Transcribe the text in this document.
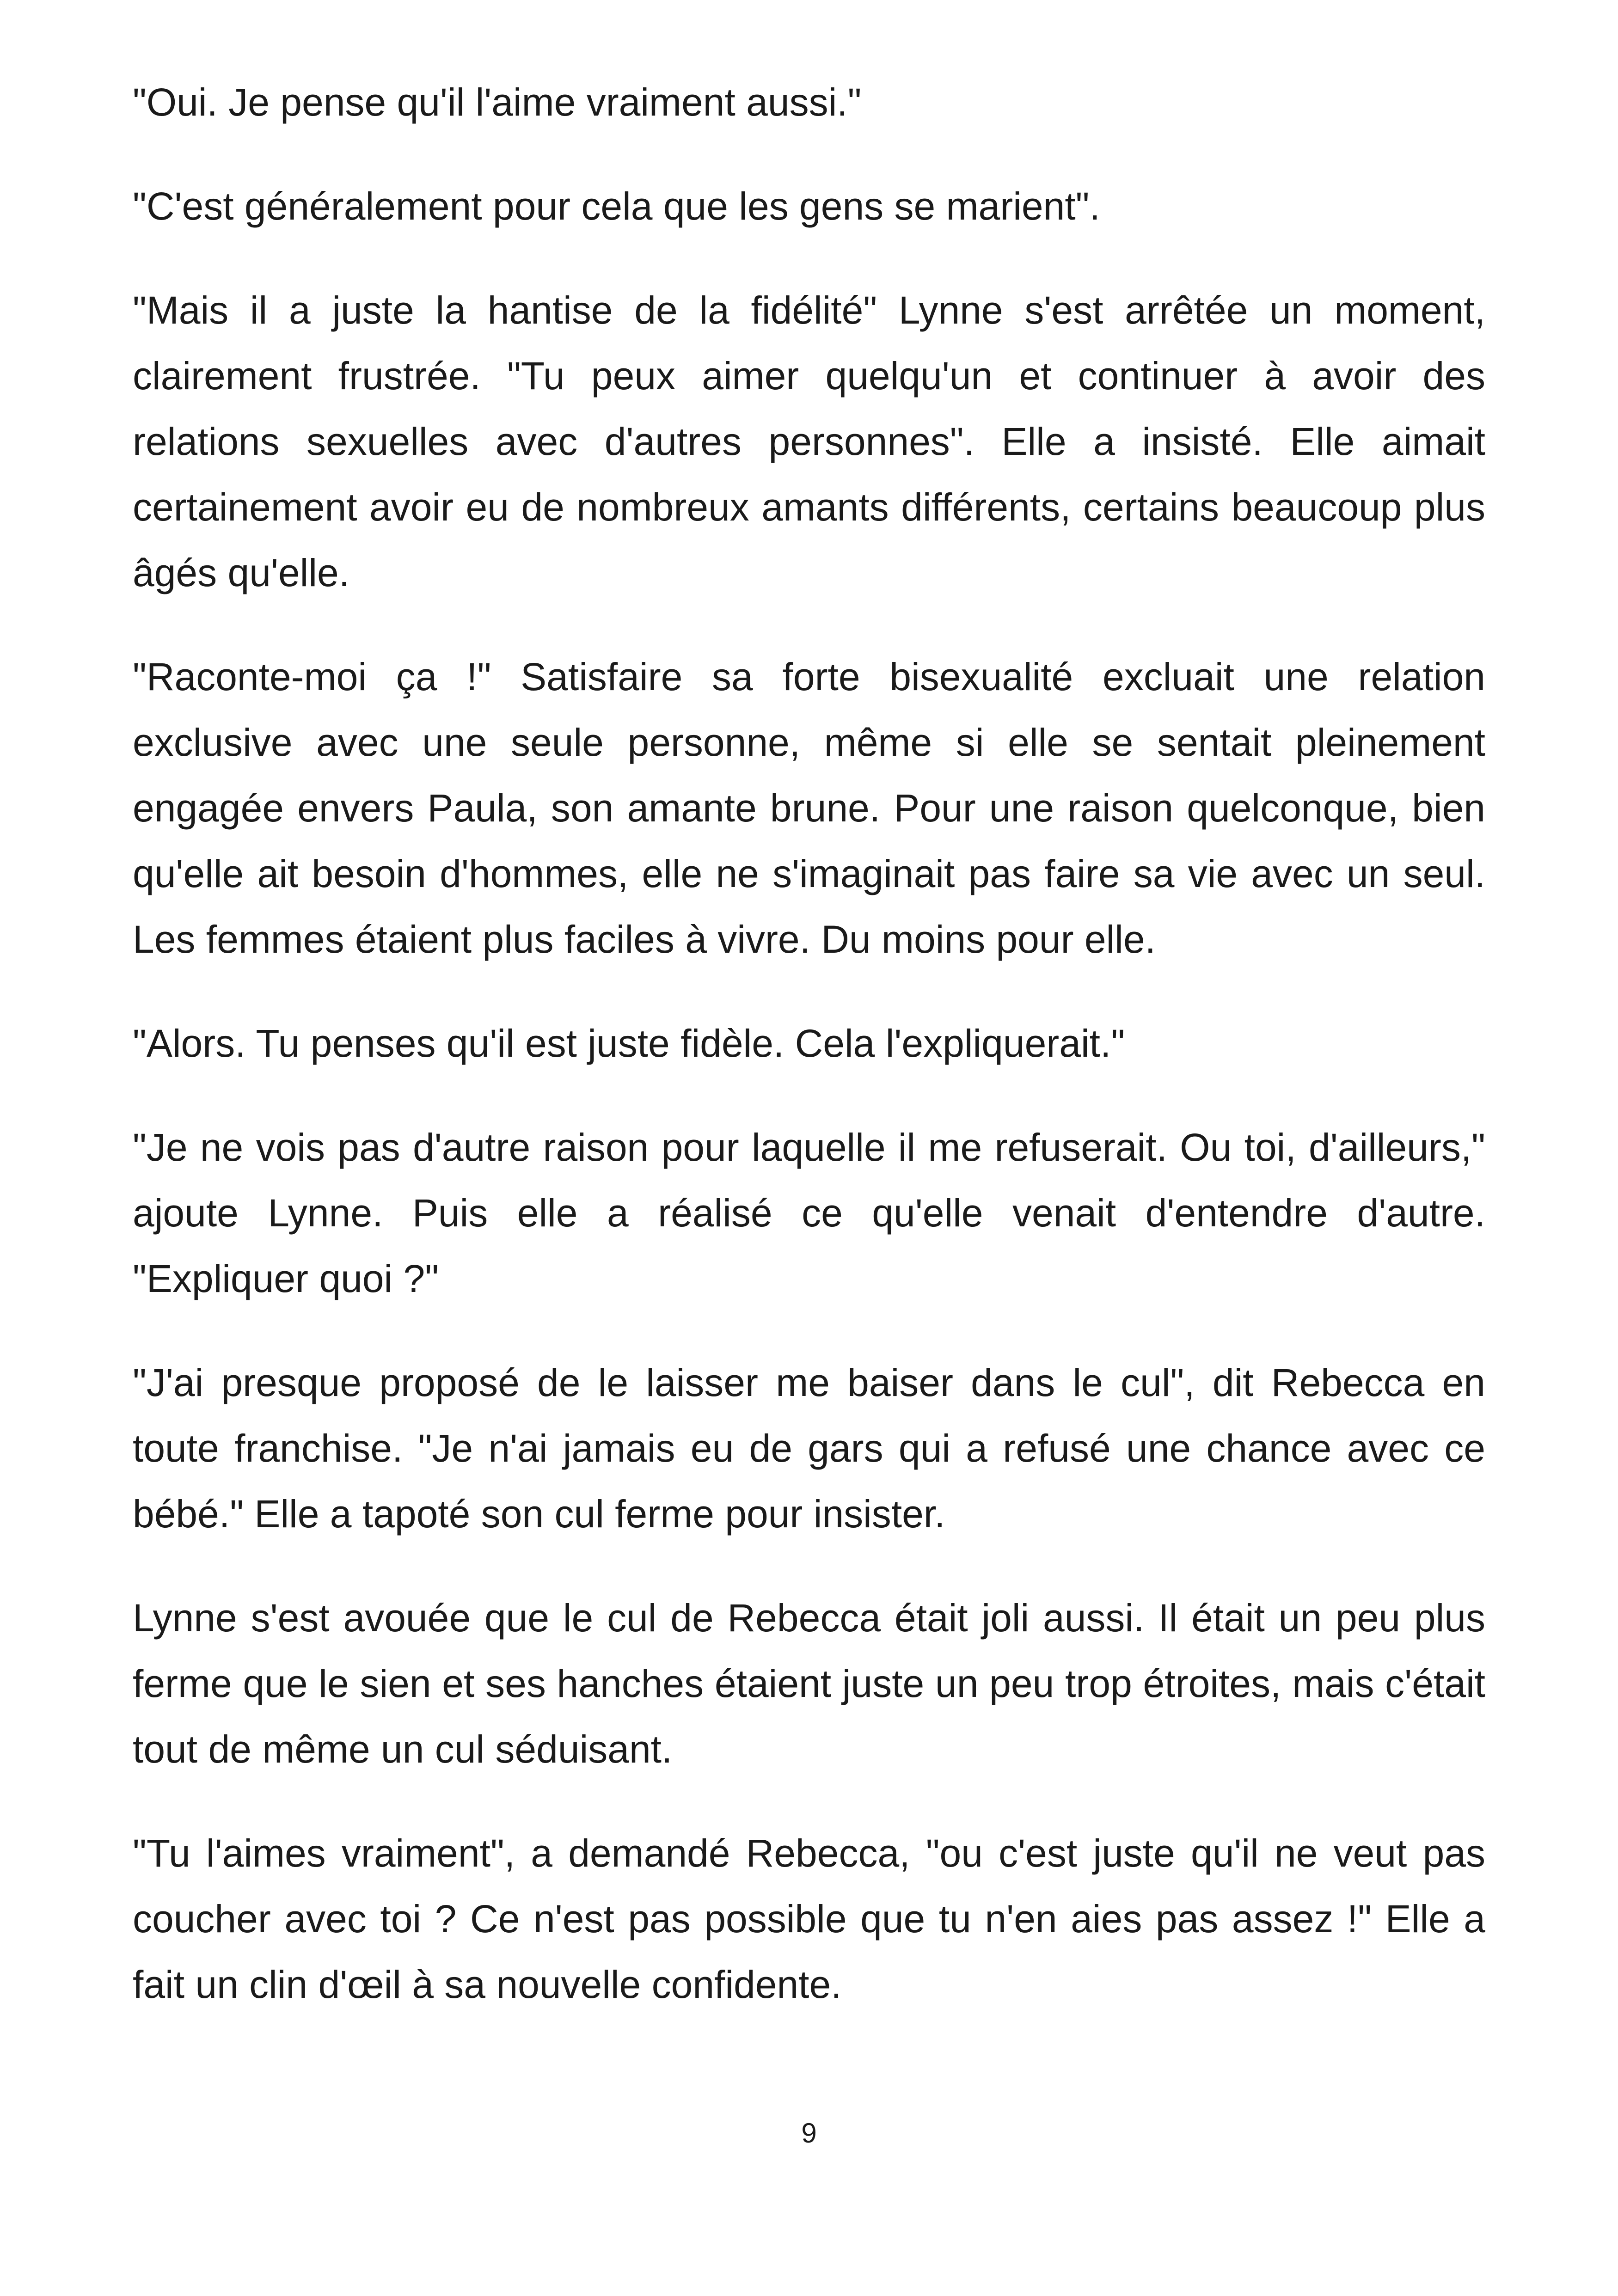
"Oui. Je pense qu'il l'aime vraiment aussi."

"C'est généralement pour cela que les gens se marient".

"Mais il a juste la hantise de la fidélité" Lynne s'est arrêtée un moment, clairement frustrée. "Tu peux aimer quelqu'un et continuer à avoir des relations sexuelles avec d'autres personnes". Elle a insisté. Elle aimait certainement avoir eu de nombreux amants différents, certains beaucoup plus âgés qu'elle.

"Raconte-moi ça !" Satisfaire sa forte bisexualité excluait une relation exclusive avec une seule personne, même si elle se sentait pleinement engagée envers Paula, son amante brune. Pour une raison quelconque, bien qu'elle ait besoin d'hommes, elle ne s'imaginait pas faire sa vie avec un seul. Les femmes étaient plus faciles à vivre. Du moins pour elle.

"Alors. Tu penses qu'il est juste fidèle. Cela l'expliquerait."

"Je ne vois pas d'autre raison pour laquelle il me refuserait. Ou toi, d'ailleurs," ajoute Lynne. Puis elle a réalisé ce qu'elle venait d'entendre d'autre. "Expliquer quoi ?"

"J'ai presque proposé de le laisser me baiser dans le cul", dit Rebecca en toute franchise. "Je n'ai jamais eu de gars qui a refusé une chance avec ce bébé." Elle a tapoté son cul ferme pour insister.

Lynne s'est avouée que le cul de Rebecca était joli aussi. Il était un peu plus ferme que le sien et ses hanches étaient juste un peu trop étroites, mais c'était tout de même un cul séduisant.

"Tu l'aimes vraiment", a demandé Rebecca, "ou c'est juste qu'il ne veut pas coucher avec toi ? Ce n'est pas possible que tu n'en aies pas assez !" Elle a fait un clin d'œil à sa nouvelle confidente.

9
